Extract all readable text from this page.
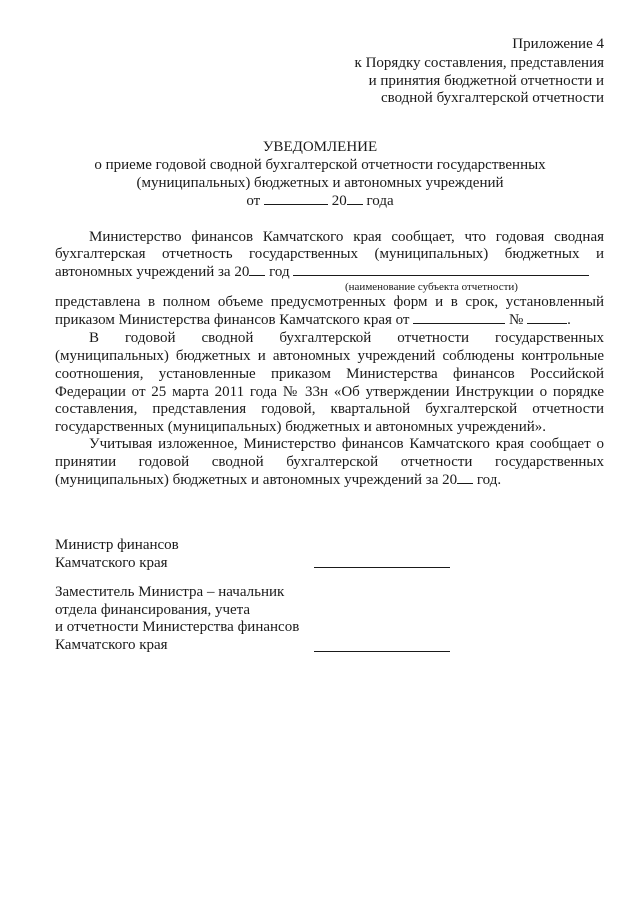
Приложение 4
к Порядку составления, представления
и принятия бюджетной отчетности и
сводной бухгалтерской отчетности
УВЕДОМЛЕНИЕ
о приеме годовой сводной бухгалтерской отчетности государственных
(муниципальных) бюджетных и автономных учреждений
от	20 года
Министерство финансов Камчатского края сообщает, что годовая сводная
бухгалтерская отчетность государственных (муниципальных) бюджетных и
автономных учреждений за 20 год
(наименование субъекта отчетности)
представлена в полном объеме предусмотренных форм и в срок, установленный
приказом Министерства финансов Камчатского края от	№	.
В годовой сводной бухгалтерской отчетности государственных
(муниципальных) бюджетных и автономных учреждений соблюдены контрольные
соотношения, установленные приказом Министерства финансов Российской
Федерации от 25 марта 2011 года № 33н «Об утверждении Инструкции о порядке
составления, представления годовой, квартальной бухгалтерской отчетности
государственных (муниципальных) бюджетных и автономных учреждений».
Учитывая изложенное, Министерство финансов Камчатского края сообщает о
принятии годовой сводной бухгалтерской отчетности государственных
(муниципальных) бюджетных и автономных учреждений за 20 год.
Министр финансов
Камчатского края
Заместитель Министра – начальник
отдела финансирования, учета
и отчетности Министерства финансов
Камчатского края
